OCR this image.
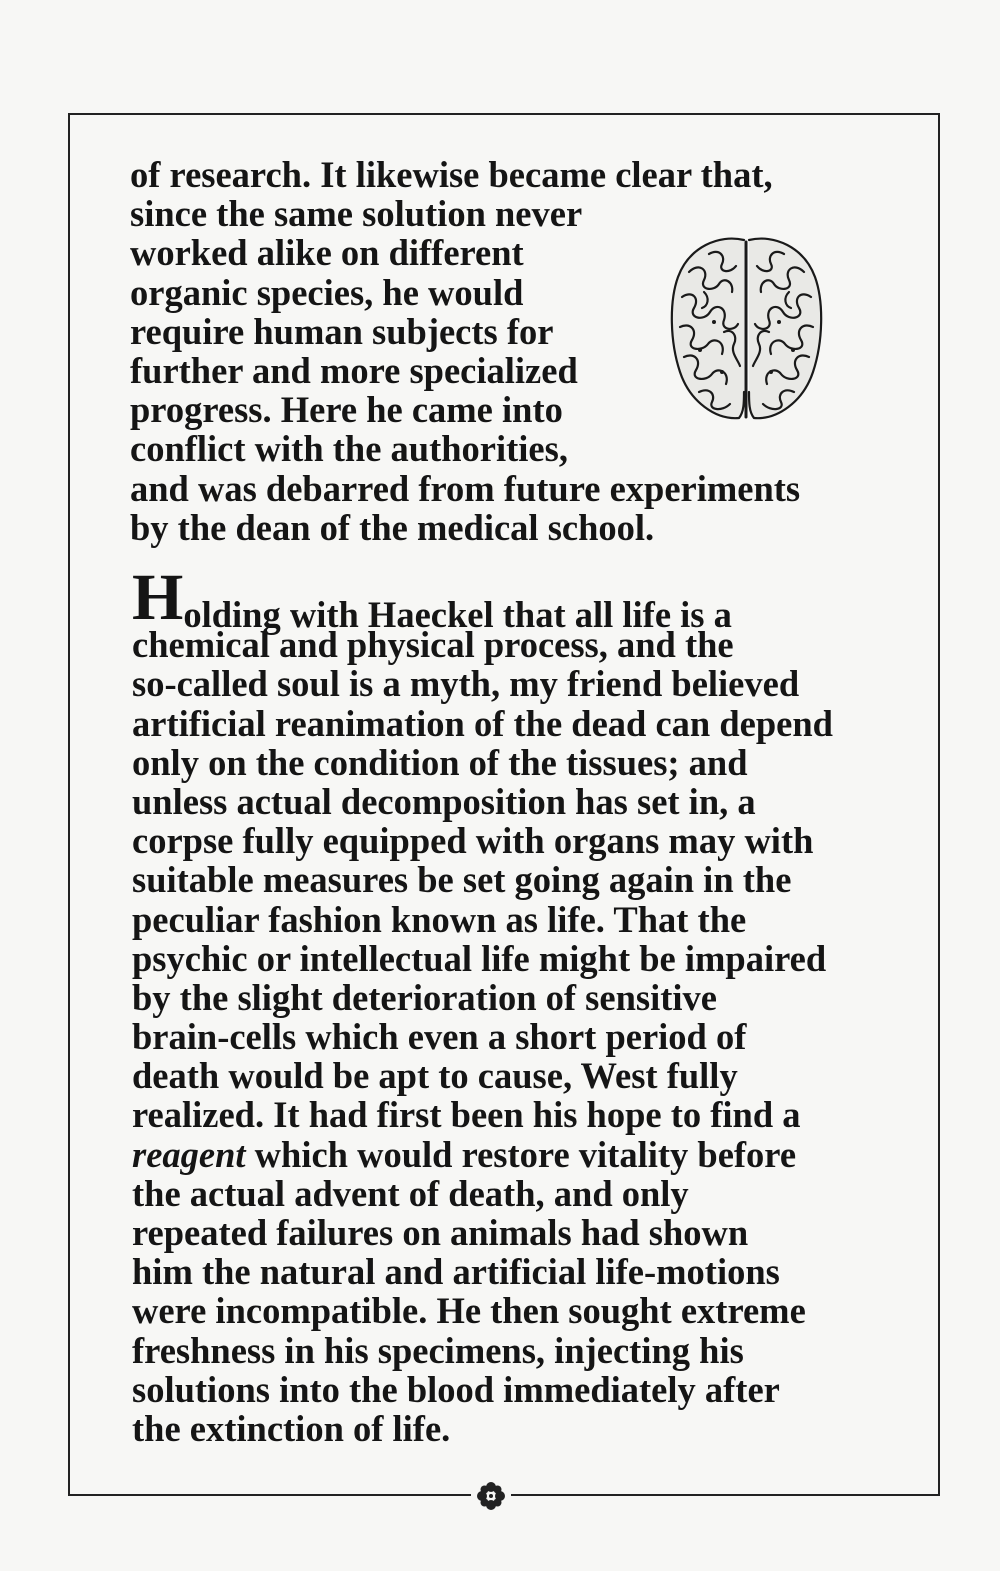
of research. It likewise became clear that,
since the same solution never
worked alike on different
organic species, he would
require human subjects for
further and more specialized
progress. Here he came into
conflict with the authorities,
and was debarred from future experiments
by the dean of the medical school.
Holding with Haeckel that all life is a
chemical and physical process, and the
so-called soul is a myth, my friend believed
artificial reanimation of the dead can depend
only on the condition of the tissues; and
unless actual decomposition has set in, a
corpse fully equipped with organs may with
suitable measures be set going again in the
peculiar fashion known as life. That the
psychic or intellectual life might be impaired
by the slight deterioration of sensitive
brain-cells which even a short period of
death would be apt to cause, West fully
realized. It had first been his hope to find a
reagent which would restore vitality before
the actual advent of death, and only
repeated failures on animals had shown
him the natural and artificial life-motions
were incompatible. He then sought extreme
freshness in his specimens, injecting his
solutions into the blood immediately after
the extinction of life.
